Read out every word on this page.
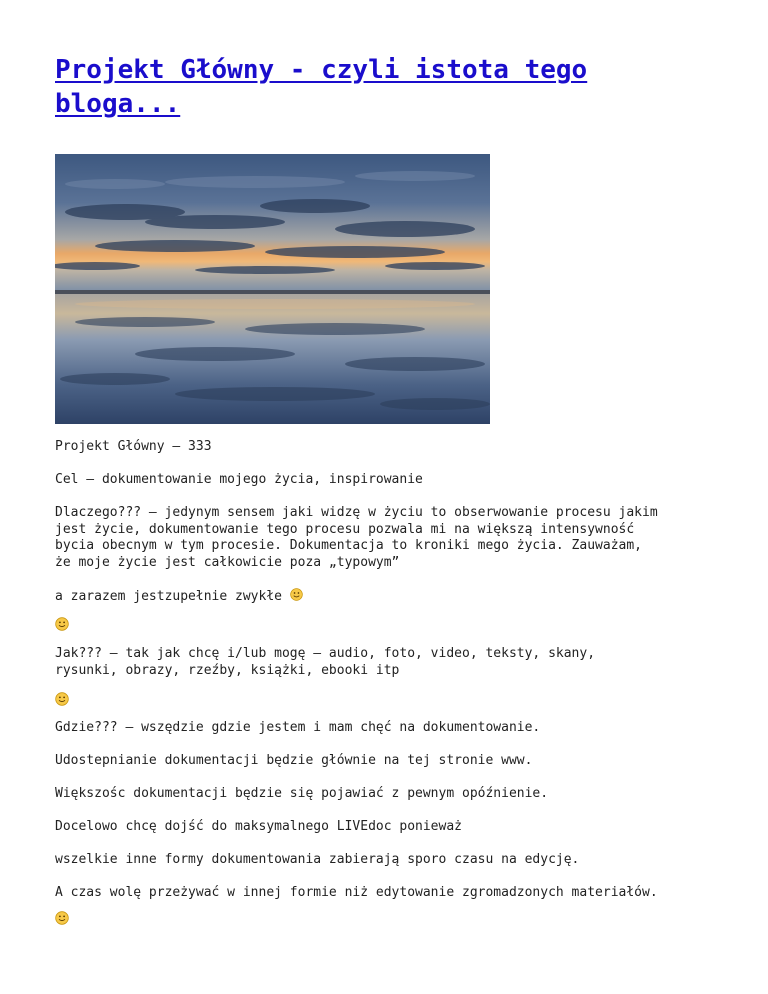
Projekt Główny - czyli istota tego bloga...

Projekt Główny – 333

Cel – dokumentowanie mojego życia, inspirowanie

Dlaczego??? – jedynym sensem jaki widzę w życiu to obserwowanie procesu jakim
jest życie, dokumentowanie tego procesu pozwala mi na większą intensywność
bycia obecnym w tym procesie. Dokumentacja to kroniki mego życia. Zauważam,
że moje życie jest całkowicie poza „typowym”

a zarazem jestzupełnie zwykłe

Jak??? – tak jak chcę i/lub mogę – audio, foto, video, teksty, skany,
rysunki, obrazy, rzeźby, książki, ebooki itp

Gdzie??? – wszędzie gdzie jestem i mam chęć na dokumentowanie.

Udostepnianie dokumentacji będzie głównie na tej stronie www.

Większośc dokumentacji będzie się pojawiać z pewnym opóźnienie.

Docelowo chcę dojść do maksymalnego LIVEdoc ponieważ

wszelkie inne formy dokumentowania zabierają sporo czasu na edycję.

A czas wolę przeżywać w innej formie niż edytowanie zgromadzonych materiałów.
